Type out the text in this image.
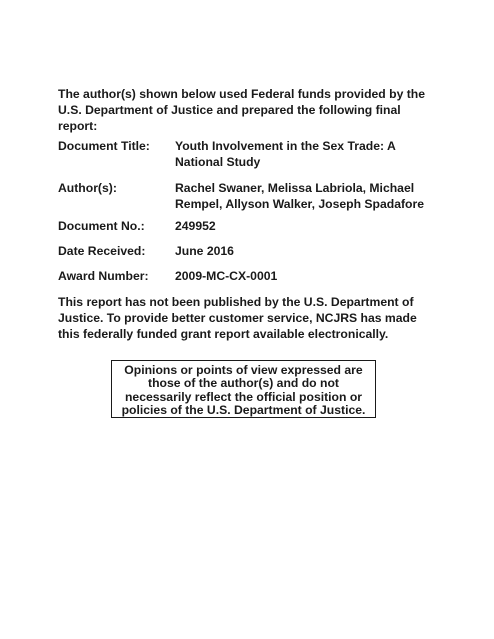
The author(s) shown below used Federal funds provided by the U.S. Department of Justice and prepared the following final report:

Document Title:	Youth Involvement in the Sex Trade: A National Study
Author(s):	Rachel Swaner, Melissa Labriola, Michael Rempel, Allyson Walker, Joseph Spadafore
Document No.:	249952
Date Received:	June 2016
Award Number:	2009-MC-CX-0001

This report has not been published by the U.S. Department of Justice. To provide better customer service, NCJRS has made this federally funded grant report available electronically.

Opinions or points of view expressed are those of the author(s) and do not necessarily reflect the official position or policies of the U.S. Department of Justice.
